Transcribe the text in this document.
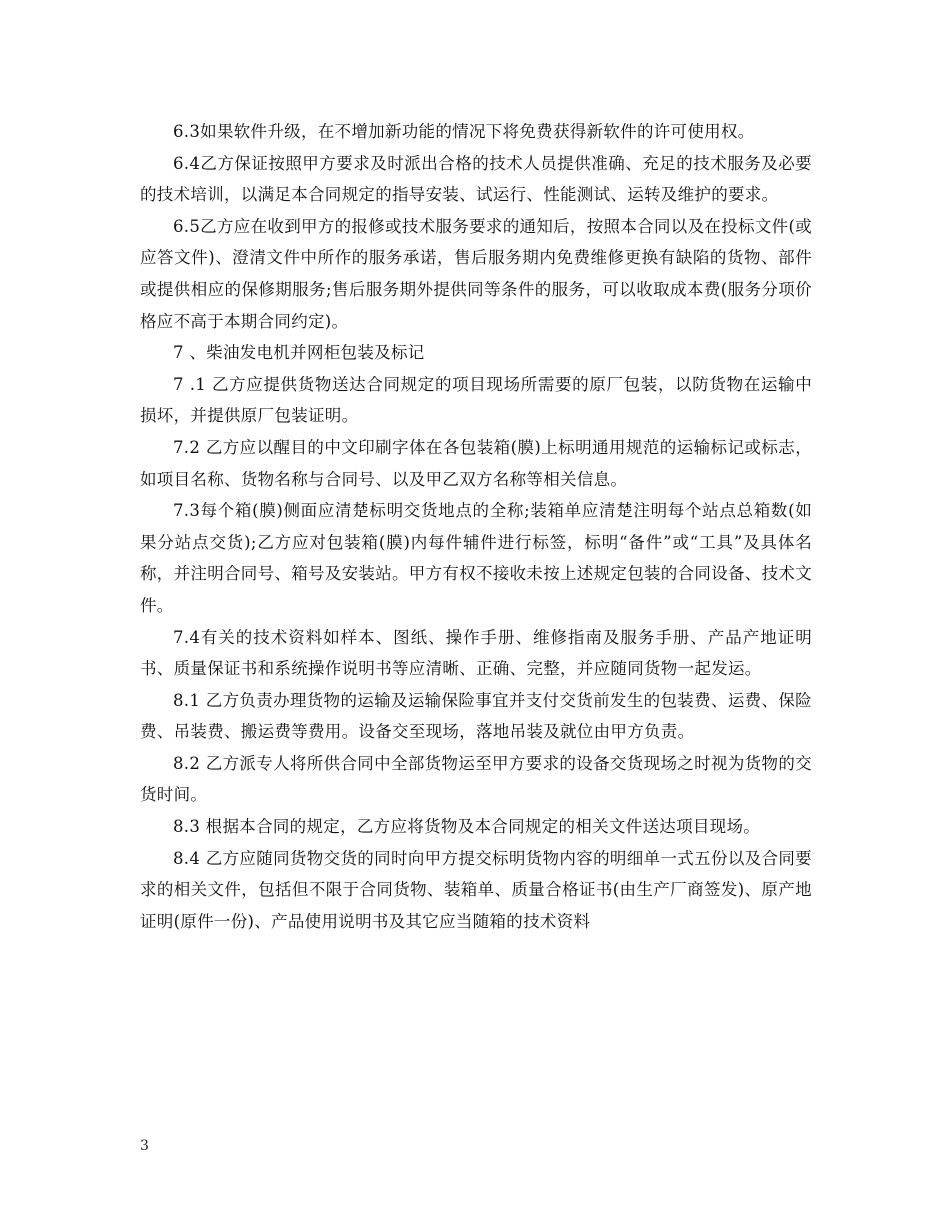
6.3如果软件升级，在不增加新功能的情况下将免费获得新软件的许可使用权。

6.4乙方保证按照甲方要求及时派出合格的技术人员提供准确、充足的技术服务及必要的技术培训，以满足本合同规定的指导安装、试运行、性能测试、运转及维护的要求。

6.5乙方应在收到甲方的报修或技术服务要求的通知后，按照本合同以及在投标文件(或应答文件)、澄清文件中所作的服务承诺，售后服务期内免费维修更换有缺陷的货物、部件或提供相应的保修期服务;售后服务期外提供同等条件的服务，可以收取成本费(服务分项价格应不高于本期合同约定)。

7 、柴油发电机并网柜包装及标记

7 .1 乙方应提供货物送达合同规定的项目现场所需要的原厂包装，以防货物在运输中损坏，并提供原厂包装证明。

7.2 乙方应以醒目的中文印刷字体在各包装箱(膜)上标明通用规范的运输标记或标志，如项目名称、货物名称与合同号、以及甲乙双方名称等相关信息。

7.3每个箱(膜)侧面应清楚标明交货地点的全称;装箱单应清楚注明每个站点总箱数(如果分站点交货);乙方应对包装箱(膜)内每件辅件进行标签，标明“备件”或“工具”及具体名称，并注明合同号、箱号及安装站。甲方有权不接收未按上述规定包装的合同设备、技术文件。

7.4有关的技术资料如样本、图纸、操作手册、维修指南及服务手册、产品产地证明书、质量保证书和系统操作说明书等应清晰、正确、完整，并应随同货物一起发运。

8.1 乙方负责办理货物的运输及运输保险事宜并支付交货前发生的包装费、运费、保险费、吊装费、搬运费等费用。设备交至现场，落地吊装及就位由甲方负责。

8.2 乙方派专人将所供合同中全部货物运至甲方要求的设备交货现场之时视为货物的交货时间。

8.3 根据本合同的规定，乙方应将货物及本合同规定的相关文件送达项目现场。

8.4 乙方应随同货物交货的同时向甲方提交标明货物内容的明细单一式五份以及合同要求的相关文件，包括但不限于合同货物、装箱单、质量合格证书(由生产厂商签发)、原产地证明(原件一份)、产品使用说明书及其它应当随箱的技术资料

3
